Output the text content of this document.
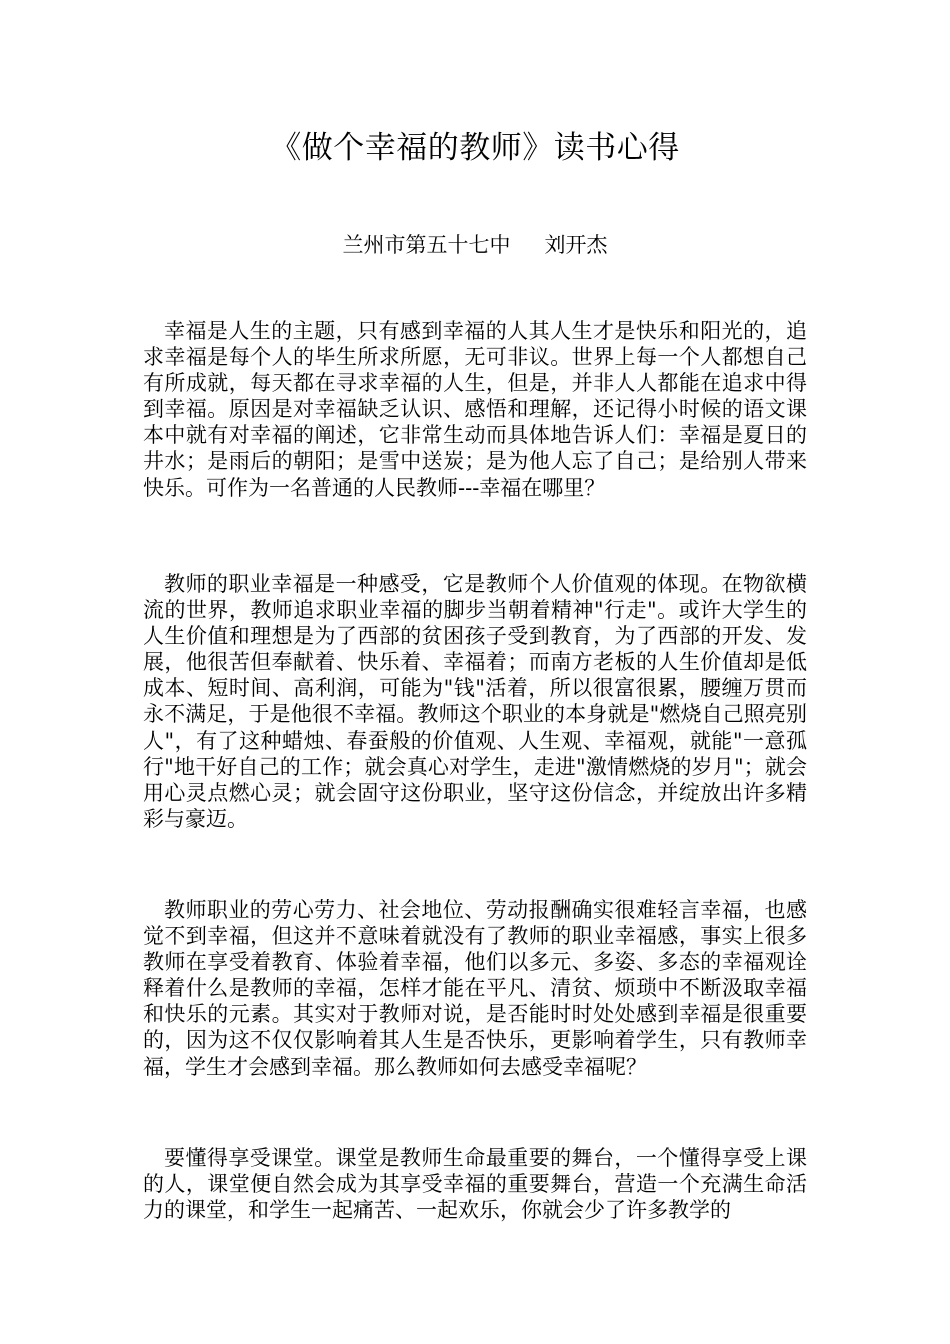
《做个幸福的教师》读书心得
兰州市第五十七中 刘开杰

幸福是人生的主题，只有感到幸福的人其人生才是快乐和阳光的，追求幸福是每个人的毕生所求所愿，无可非议。世界上每一个人都想自己有所成就，每天都在寻求幸福的人生，但是，并非人人都能在追求中得到幸福。原因是对幸福缺乏认识、感悟和理解，还记得小时候的语文课本中就有对幸福的阐述，它非常生动而具体地告诉人们：幸福是夏日的井水；是雨后的朝阳；是雪中送炭；是为他人忘了自己；是给别人带来快乐。可作为一名普通的人民教师---幸福在哪里？

教师的职业幸福是一种感受，它是教师个人价值观的体现。在物欲横流的世界，教师追求职业幸福的脚步当朝着精神"行走"。或许大学生的人生价值和理想是为了西部的贫困孩子受到教育，为了西部的开发、发展，他很苦但奉献着、快乐着、幸福着；而南方老板的人生价值却是低成本、短时间、高利润，可能为"钱"活着，所以很富很累，腰缠万贯而永不满足，于是他很不幸福。教师这个职业的本身就是"燃烧自己照亮别人"，有了这种蜡烛、春蚕般的价值观、人生观、幸福观，就能"一意孤行"地干好自己的工作；就会真心对学生，走进"激情燃烧的岁月"；就会用心灵点燃心灵；就会固守这份职业，坚守这份信念，并绽放出许多精彩与豪迈。

教师职业的劳心劳力、社会地位、劳动报酬确实很难轻言幸福，也感觉不到幸福，但这并不意味着就没有了教师的职业幸福感，事实上很多教师在享受着教育、体验着幸福，他们以多元、多姿、多态的幸福观诠释着什么是教师的幸福，怎样才能在平凡、清贫、烦琐中不断汲取幸福和快乐的元素。其实对于教师对说，是否能时时处处感到幸福是很重要的，因为这不仅仅影响着其人生是否快乐，更影响着学生，只有教师幸福，学生才会感到幸福。那么教师如何去感受幸福呢？

要懂得享受课堂。课堂是教师生命最重要的舞台，一个懂得享受上课的人，课堂便自然会成为其享受幸福的重要舞台，营造一个充满生命活力的课堂，和学生一起痛苦、一起欢乐，你就会少了许多教学的
